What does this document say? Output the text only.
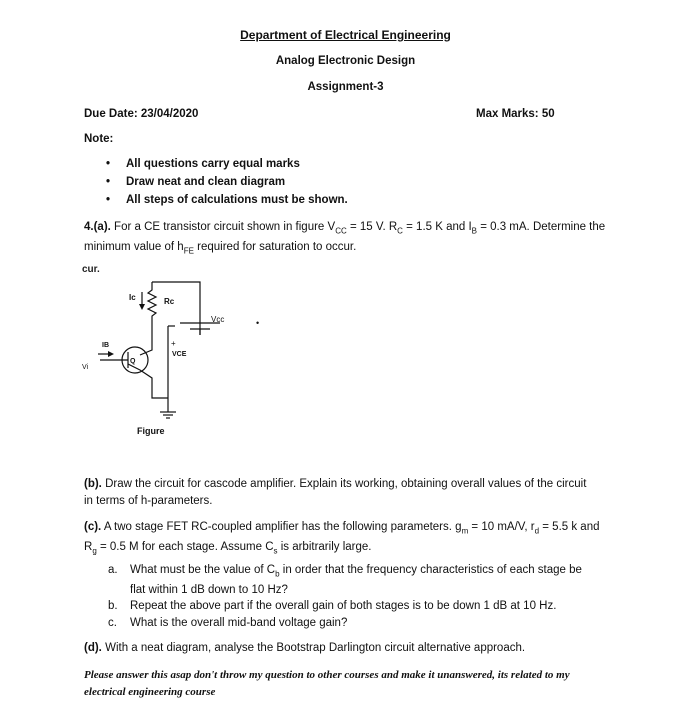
Department of Electrical Engineering
Analog Electronic Design
Assignment-3
Due Date: 23/04/2020	Max Marks: 50
Note:
• All questions carry equal marks
• Draw neat and clean diagram
• All steps of calculations must be shown.
4.(a). For a CE transistor circuit shown in figure $V_{CC} = 15$ V. $R_C = 1.5$ K and $I_B = 0.3$ mA. Determine the
minimum value of $h_{FE}$ required for saturation to occur.
cur.
Rc
Ic
Vcc
IB
Q
VCE
+
Vi
Figure
•
(b). Draw the circuit for cascode amplifier. Explain its working, obtaining overall values of the circuit
in terms of h-parameters.
(c). A two stage FET RC-coupled amplifier has the following parameters. $g_m = 10$ mA/V, $r_d = 5.5$ k and
$R_g = 0.5$ M for each stage. Assume $C_s$ is arbitrarily large.
a. What must be the value of $C_b$ in order that the frequency characteristics of each stage be
flat within 1 dB down to 10 Hz?
b. Repeat the above part if the overall gain of both stages is to be down 1 dB at 10 Hz.
c. What is the overall mid-band voltage gain?
(d). With a neat diagram, analyse the Bootstrap Darlington circuit alternative approach.
Please answer this asap don't throw my question to other courses and make it unanswered, its related to my
electrical engineering course
